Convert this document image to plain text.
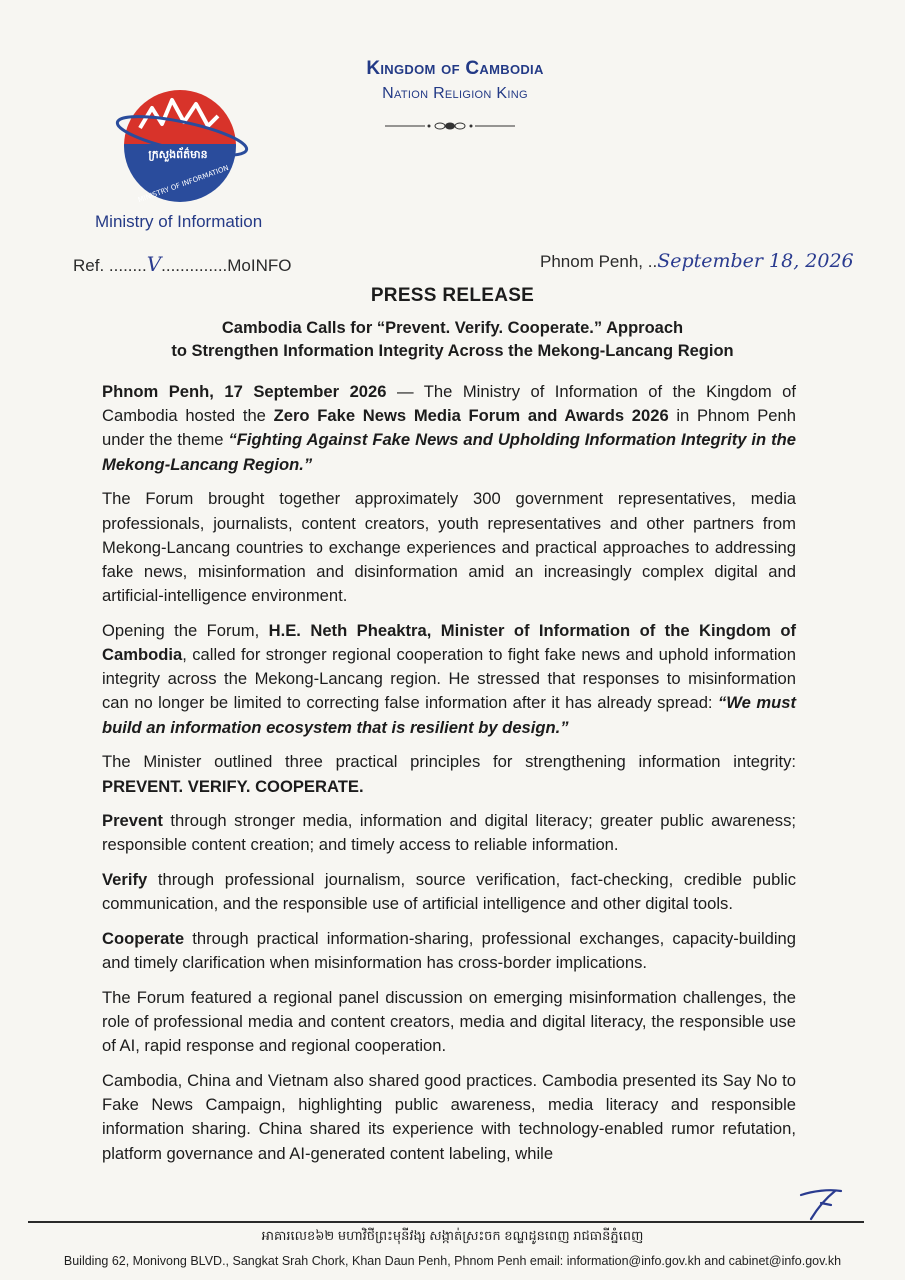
Kingdom of Cambodia
Nation Religion King
ក្រសួងព័ត៌មាន
MINISTRY OF INFORMATION
Ministry of Information
Ref. ........V..............MoINFO	Phnom Penh, ..September 18, 2026
PRESS RELEASE
Cambodia Calls for “Prevent. Verify. Cooperate.” Approach
to Strengthen Information Integrity Across the Mekong-Lancang Region

Phnom Penh, 17 September 2026 — The Ministry of Information of the Kingdom of Cambodia hosted the Zero Fake News Media Forum and Awards 2026 in Phnom Penh under the theme “Fighting Against Fake News and Upholding Information Integrity in the Mekong-Lancang Region.”

The Forum brought together approximately 300 government representatives, media professionals, journalists, content creators, youth representatives and other partners from Mekong-Lancang countries to exchange experiences and practical approaches to addressing fake news, misinformation and disinformation amid an increasingly complex digital and artificial-intelligence environment.

Opening the Forum, H.E. Neth Pheaktra, Minister of Information of the Kingdom of Cambodia, called for stronger regional cooperation to fight fake news and uphold information integrity across the Mekong-Lancang region. He stressed that responses to misinformation can no longer be limited to correcting false information after it has already spread: “We must build an information ecosystem that is resilient by design.”

The Minister outlined three practical principles for strengthening information integrity: PREVENT. VERIFY. COOPERATE.

Prevent through stronger media, information and digital literacy; greater public awareness; responsible content creation; and timely access to reliable information.

Verify through professional journalism, source verification, fact-checking, credible public communication, and the responsible use of artificial intelligence and other digital tools.

Cooperate through practical information-sharing, professional exchanges, capacity-building and timely clarification when misinformation has cross-border implications.

The Forum featured a regional panel discussion on emerging misinformation challenges, the role of professional media and content creators, media and digital literacy, the responsible use of AI, rapid response and regional cooperation.

Cambodia, China and Vietnam also shared good practices. Cambodia presented its Say No to Fake News Campaign, highlighting public awareness, media literacy and responsible information sharing. China shared its experience with technology-enabled rumor refutation, platform governance and AI-generated content labeling, while

អាគារលេខ៦២ មហាវិថីព្រះមុនីវង្ស សង្កាត់ស្រះចក ខណ្ឌដូនពេញ រាជធានីភ្នំពេញ
Building 62, Monivong BLVD., Sangkat Srah Chork, Khan Daun Penh, Phnom Penh email: information@info.gov.kh and cabinet@info.gov.kh
